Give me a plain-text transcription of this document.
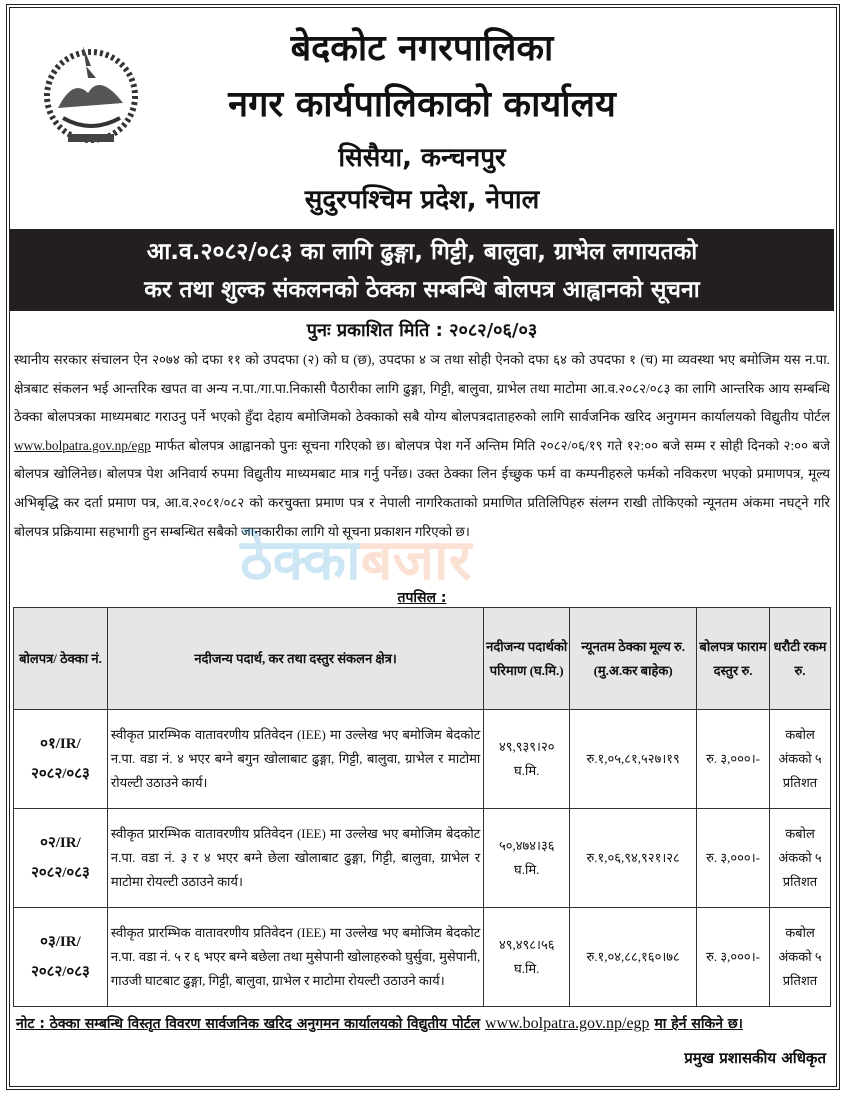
बेदकोट नगरपालिका
नगर कार्यपालिकाको कार्यालय
सिसैया, कन्चनपुर
सुदुरपश्चिम प्रदेश, नेपाल
आ.व.२०८२/०८३ का लागि ढुङ्गा, गिट्टी, बालुवा, ग्राभेल लगायतको
कर तथा शुल्क संकलनको ठेक्का सम्बन्धि बोलपत्र आह्वानको सूचना
पुनः प्रकाशित मिति : २०८२/०६/०३
स्थानीय सरकार संचालन ऐन २०७४ को दफा ११ को उपदफा (२) को घ (छ), उपदफा ४ ञ तथा सोही ऐनको दफा ६४ को उपदफा १ (च) मा व्यवस्था भए बमोजिम यस न.पा. क्षेत्रबाट संकलन भई आन्तरिक खपत वा अन्य न.पा./गा.पा.निकासी पैठारीका लागि ढुङ्गा, गिट्टी, बालुवा, ग्राभेल तथा माटोमा आ.व.२०८२/०८३ का लागि आन्तरिक आय सम्बन्धि ठेक्का बोलपत्रका माध्यमबाट गराउनु पर्ने भएको हुँदा देहाय बमोजिमको ठेक्काको सबै योग्य बोलपत्रदाताहरुको लागि सार्वजनिक खरिद अनुगमन कार्यालयको विद्युतीय पोर्टल www.bolpatra.gov.np/egp मार्फत बोलपत्र आह्वानको पुनः सूचना गरिएको छ। बोलपत्र पेश गर्ने अन्तिम मिति २०८२/०६/१९ गते १२:०० बजे सम्म र सोही दिनको २:०० बजे बोलपत्र खोलिनेछ। बोलपत्र पेश अनिवार्य रुपमा विद्युतीय माध्यमबाट मात्र गर्नु पर्नेछ। उक्त ठेक्का लिन ईच्छुक फर्म वा कम्पनीहरुले फर्मको नविकरण भएको प्रमाणपत्र, मूल्य अभिबृद्धि कर दर्ता प्रमाण पत्र, आ.व.२०८१/०८२ को करचुक्ता प्रमाण पत्र र नेपाली नागरिकताको प्रमाणित प्रतिलिपिहरु संलग्न राखी तोकिएको न्यूनतम अंकमा नघट्ने गरि बोलपत्र प्रक्रियामा सहभागी हुन सम्बन्धित सबैको जानकारीका लागि यो सूचना प्रकाशन गरिएको छ।
ठेक्काबजार
तपसिल :
बोलपत्र/ ठेक्का नं.	नदीजन्य पदार्थ, कर तथा दस्तुर संकलन क्षेत्र।	नदीजन्य पदार्थको परिमाण (घ.मि.)	न्यूनतम ठेक्का मूल्य रु. (मु.अ.कर बाहेक)	बोलपत्र फाराम दस्तुर रु.	धरौटी रकम रु.
०१/IR/ २०८२/०८३	स्वीकृत प्रारम्भिक वातावरणीय प्रतिवेदन (IEE) मा उल्लेख भए बमोजिम बेदकोट न.पा. वडा नं. ४ भएर बग्ने बगुन खोलाबाट ढुङ्गा, गिट्टी, बालुवा, ग्राभेल र माटोमा रोयल्टी उठाउने कार्य।	४९,९३९।२० घ.मि.	रु.१,०५,८१,५२७।१९	रु. ३,०००।-	कबोल अंकको ५ प्रतिशत
०२/IR/ २०८२/०८३	स्वीकृत प्रारम्भिक वातावरणीय प्रतिवेदन (IEE) मा उल्लेख भए बमोजिम बेदकोट न.पा. वडा नं. ३ र ४ भएर बग्ने छेला खोलाबाट ढुङ्गा, गिट्टी, बालुवा, ग्राभेल र माटोमा रोयल्टी उठाउने कार्य।	५०,४७४।३६ घ.मि.	रु.१,०६,९४,९२१।२८	रु. ३,०००।-	कबोल अंकको ५ प्रतिशत
०३/IR/ २०८२/०८३	स्वीकृत प्रारम्भिक वातावरणीय प्रतिवेदन (IEE) मा उल्लेख भए बमोजिम बेदकोट न.पा. वडा नं. ५ र ६ भएर बग्ने बछेला तथा मुसेपानी खोलाहरुको घुर्सुवा, मुसेपानी, गाउजी घाटबाट ढुङ्गा, गिट्टी, बालुवा, ग्राभेल र माटोमा रोयल्टी उठाउने कार्य।	४९,४९८।५६ घ.मि.	रु.१,०४,८८,१६०।७८	रु. ३,०००।-	कबोल अंकको ५ प्रतिशत
नोट : ठेक्का सम्बन्धि विस्तृत विवरण सार्वजनिक खरिद अनुगमन कार्यालयको विद्युतीय पोर्टल www.bolpatra.gov.np/egp मा हेर्न सकिने छ।
प्रमुख प्रशासकीय अधिकृत
